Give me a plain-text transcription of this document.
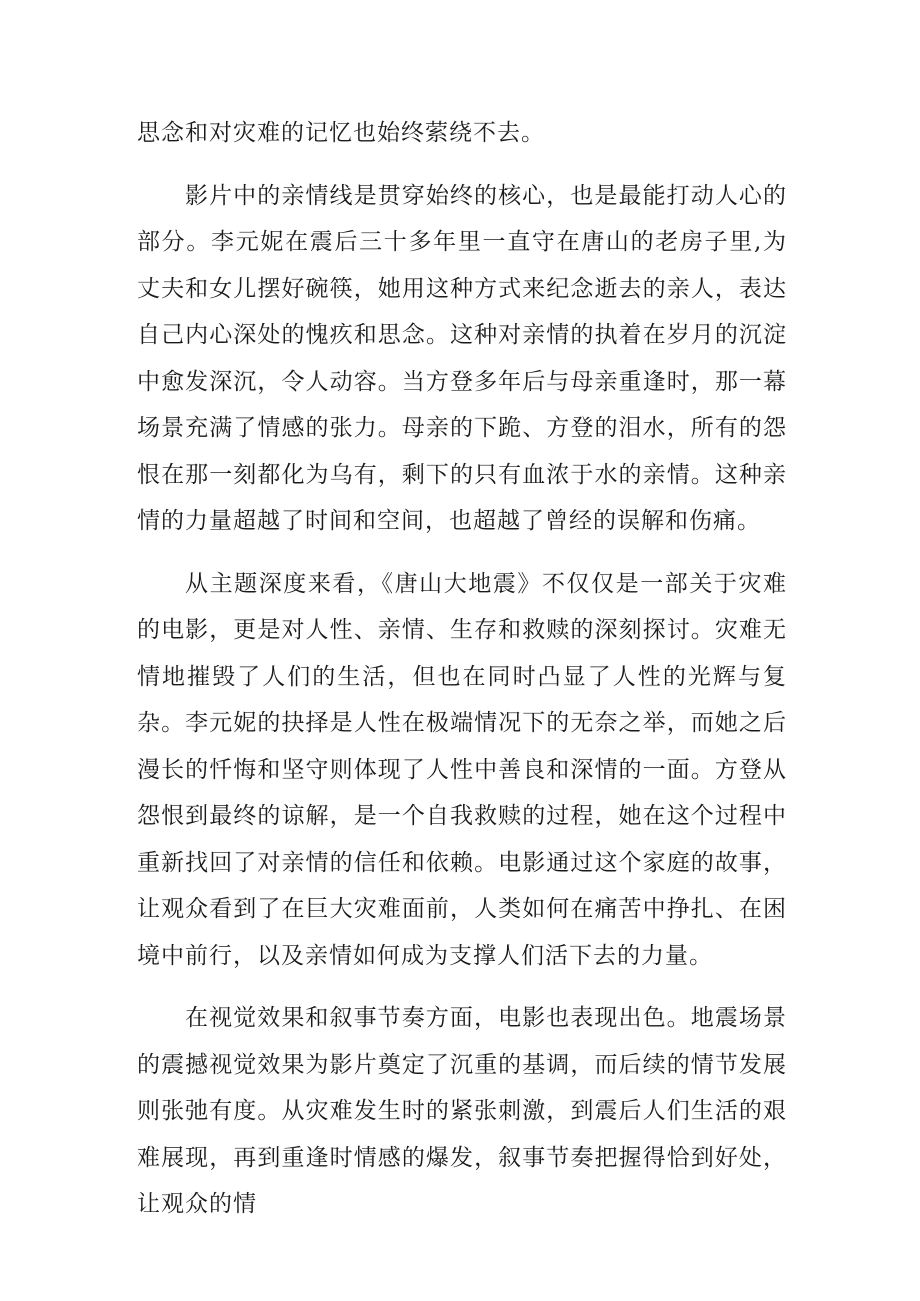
思念和对灾难的记忆也始终萦绕不去。

影片中的亲情线是贯穿始终的核心，也是最能打动人心的部分。李元妮在震后三十多年里一直守在唐山的老房子里,为丈夫和女儿摆好碗筷，她用这种方式来纪念逝去的亲人，表达自己内心深处的愧疚和思念。这种对亲情的执着在岁月的沉淀中愈发深沉，令人动容。当方登多年后与母亲重逢时，那一幕场景充满了情感的张力。母亲的下跪、方登的泪水，所有的怨恨在那一刻都化为乌有，剩下的只有血浓于水的亲情。这种亲情的力量超越了时间和空间，也超越了曾经的误解和伤痛。

从主题深度来看，《唐山大地震》不仅仅是一部关于灾难的电影，更是对人性、亲情、生存和救赎的深刻探讨。灾难无情地摧毁了人们的生活，但也在同时凸显了人性的光辉与复杂。李元妮的抉择是人性在极端情况下的无奈之举，而她之后漫长的忏悔和坚守则体现了人性中善良和深情的一面。方登从怨恨到最终的谅解，是一个自我救赎的过程，她在这个过程中重新找回了对亲情的信任和依赖。电影通过这个家庭的故事，让观众看到了在巨大灾难面前，人类如何在痛苦中挣扎、在困境中前行，以及亲情如何成为支撑人们活下去的力量。

在视觉效果和叙事节奏方面，电影也表现出色。地震场景的震撼视觉效果为影片奠定了沉重的基调，而后续的情节发展则张弛有度。从灾难发生时的紧张刺激，到震后人们生活的艰难展现，再到重逢时情感的爆发，叙事节奏把握得恰到好处，让观众的情
